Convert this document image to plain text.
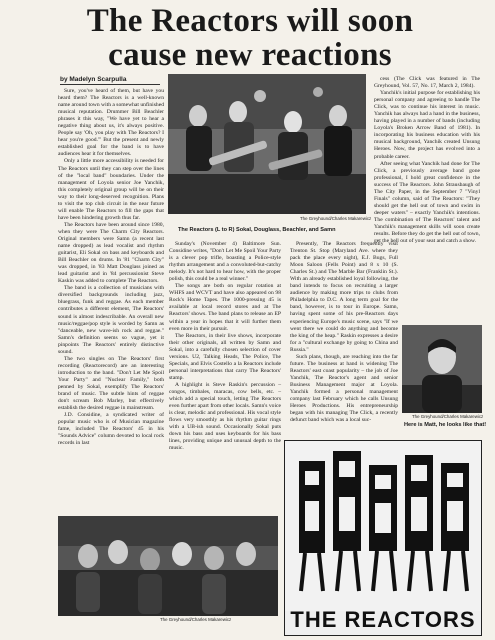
The Reactors will soon
cause new reactions
by Madelyn Scarpulla

Sure, you've heard of them, but have you heard them? The Reactors is a well-known name around town with a somewhat unfinished musical reputation. Drummer Bill Beachler phrases it this way, "We have yet to hear a negative thing about us, it's always positive. People say 'Oh, you play with The Reactors? I hear you're good.'" But the present and newly established goal for the band is to have audiences hear it for themselves.

Only a little more accessibility is needed for The Reactors until they can step over the lines of the "local band" boundaries. Under the management of Loyola senior Joe Yanchik, this completely original group will be on their way to their long-deserved recognition. Plans to visit the top club circuit in the near future will enable The Reactors to fill the gaps that have been hindering growth thus far.

The Reactors have been around since 1980, when they were The Charm City Reactors. Original members were Samn (a recent last name dropped) as lead vocalist and rhythm guitarist, Eli Sokal on bass and keyboards and Bill Beachler on drums. In '81 "Charm City" was dropped, in '83 Matt Douglass joined as lead guitarist and in '84 percussionist Steve Kaskin was added to complete The Reactors.

The band is a collection of musicians with diversified backgrounds including jazz, bluegrass, funk and reggae. As each member contributes a different element, The Reactors' sound is almost indescribable. An overall new music/reggae/pop style is worded by Samn as "danceable, new wave-ish rock and reggae." Samn's definition seems so vague, yet it pinpoints The Reactors' entirely distinctive sound.

The two singles on The Reactors' first recording (Reactorecord) are an interesting introduction to the band. "Don't Let Me Spoil Your Party" and "Nuclear Family," both penned by Sokal, exemplify The Reactors' brand of music. The subtle hints of reggae don't scream Bob Marley, but effectively establish the desired reggae in mainstream.

J.D. Considine, a syndicated writer of popular music who is of Musician magazine fame, included The Reactors' 45 in his "Sounds Advice" column devoted to local rock records in last

Sunday's (November 4) Baltimore Sun. Considine writes, "Don't Let Me Spoil Your Party is a clever pop trifle, boasting a Police-style rhythm arrangement and a convoluted-but-catchy melody. It's not hard to hear how, with the proper polish, this could be a real winner."

The songs are both on regular rotation at WHFS and WCVT and have also appeared on 98 Rock's Home Tapes. The 1000-pressing 45 is available at local record stores and at The Reactors' shows. The band plans to release an EP within a year in hopes that it will further them even more in their pursuit.

The Reactors, in their live shows, incorporate their other originals, all written by Samn and Sokal, into a carefully chosen selection of cover versions. U2, Talking Heads, The Police, The Specials, and Elvis Costello a la Reactors include personal interpretations that carry The Reactors' stamp.

A highlight is Steve Raskin's percussion – congos, timbales, maracas, cow bells, etc. – which add a special touch, letting The Reactors even further apart from other locals. Samn's voice is clear, melodic and professional. His vocal style flows very smoothly as his rhythm guitar rings with a UB-ish sound. Occasionally Sokal puts down his bass and uses keyboards for his bass lines, providing unique and unusual depth to the music.

Presently, The Reactors frequently visit Trenton St. Stop (Maryland Ave. where they pack the place every night), E.J. Bugs, Full Moon Saloon (Fells Point) and 8 x 10 (S. Charles St.) and The Marble Bar (Franklin St.). With an already established loyal following, the band intends to focus on recruiting a larger audience by making more trips to clubs from Philadelphia to D.C. A long term goal for the band, however, is to tour in Europe. Samn, having spent some of his pre-Reactors days experiencing Europe's music scene, says "If we went there we could do anything and become the king of the heap." Raskin expresses a desire for a "cultural exchange by going to China and Russia."

Such plans, though, are reaching into the far future. The business at hand is widening The Reactors' east coast popularity – the job of Joe Yanchik, The Reactor's agent and senior Business Management major at Loyola. Yanchik formed a personal management company last February which he calls Unsung Heroes Productions. His entrepreneurship began with his managing The Click, a recently defunct band which was a local suc-

cess (The Click was featured in The Greyhound, Vol. 57, No. 17, March 2, 1984).

Yanchik's initial purpose for establishing his personal company and agreeing to handle The Click, was to continue his interest in music. Yanchik has always had a hand in the business, having played in a number of bands (including Loyola's Broken Arrow Band of 1981). In incorporating his business education with his musical background, Yanchik created Unsung Heroes. Now, the project has evolved into a probable career.

After seeing what Yanchik had done for The Click, a previously average band gone professional, I hold great confidence in the success of The Reactors. John Strausbaugh of The City Paper, in the September 7 "Vinyl Finals" column, said of The Reactors: "They should get the hell out of town and swim in deeper waters" – exactly Yanchik's intentions. The combination of The Reactors' talent and Yanchik's management skills will soon create results. Before they do get the hell out of town, get the hell out of your seat and catch a show.

The Greyhound/Charles Makarewicz
The Reactors (L to R) Sokal, Douglass, Beachler, and Samn
The Greyhound/Charles Makarewicz
Here is Matt, he looks like that!
The Greyhound/Charles Makarewicz	THE REACTORS
